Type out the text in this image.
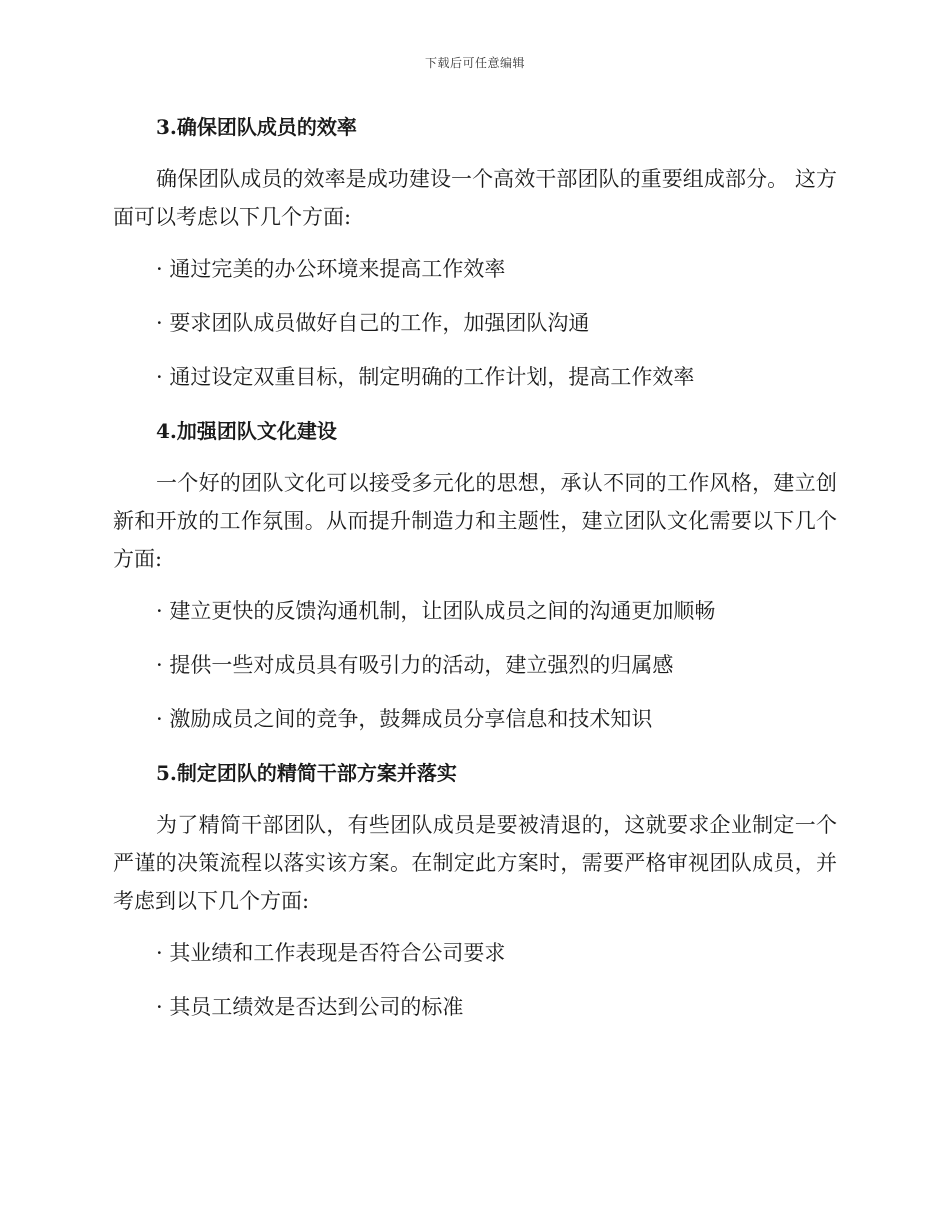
下载后可任意编辑

3.确保团队成员的效率

确保团队成员的效率是成功建设一个高效干部团队的重要组成部分。 这方面可以考虑以下几个方面:

· 通过完美的办公环境来提高工作效率

· 要求团队成员做好自己的工作，加强团队沟通

· 通过设定双重目标，制定明确的工作计划，提高工作效率

4.加强团队文化建设

一个好的团队文化可以接受多元化的思想，承认不同的工作风格，建立创新和开放的工作氛围。从而提升制造力和主题性，建立团队文化需要以下几个方面:

· 建立更快的反馈沟通机制，让团队成员之间的沟通更加顺畅

· 提供一些对成员具有吸引力的活动，建立强烈的归属感

· 激励成员之间的竞争，鼓舞成员分享信息和技术知识

5.制定团队的精简干部方案并落实

为了精简干部团队，有些团队成员是要被清退的，这就要求企业制定一个严谨的决策流程以落实该方案。在制定此方案时，需要严格审视团队成员，并考虑到以下几个方面:

· 其业绩和工作表现是否符合公司要求

· 其员工绩效是否达到公司的标准
